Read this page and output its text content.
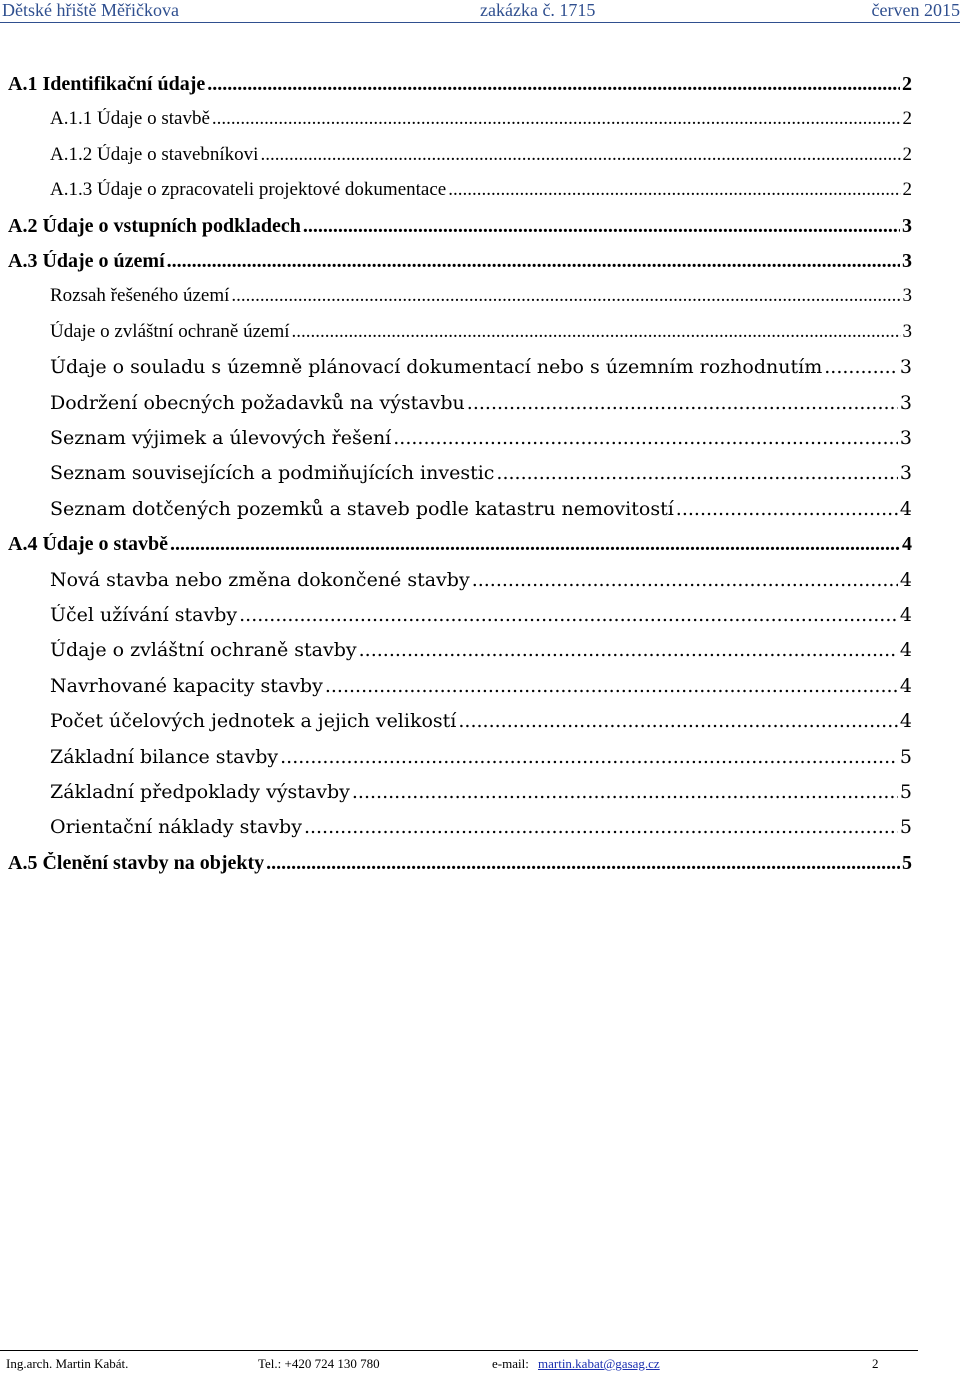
Dětské hřiště Měřičkova	zakázka č. 1715	červen 2015
A.1 Identifikační údaje .....	2
A.1.1 Údaje o stavbě .....	2
A.1.2 Údaje o stavebníkovi .....	2
A.1.3 Údaje o zpracovateli projektové dokumentace .....	2
A.2 Údaje o vstupních podkladech .....	3
A.3 Údaje o území .....	3
Rozsah řešeného území .....	3
Údaje o zvláštní ochraně území .....	3
Údaje o souladu s územně plánovací dokumentací nebo s územním rozhodnutím .....	3
Dodržení obecných požadavků na výstavbu .....	3
Seznam výjimek a úlevových řešení .....	3
Seznam souvisejících a podmiňujících investic .....	3
Seznam dotčených pozemků a staveb podle katastru nemovitostí .....	4
A.4 Údaje o stavbě .....	4
Nová stavba nebo změna dokončené stavby .....	4
Účel užívání stavby .....	4
Údaje o zvláštní ochraně stavby .....	4
Navrhované kapacity stavby .....	4
Počet účelových jednotek a jejich velikostí .....	4
Základní bilance stavby .....	5
Základní předpoklady výstavby .....	5
Orientační náklady stavby .....	5
A.5 Členění stavby na objekty .....	5
Ing.arch. Martin Kabát.	Tel.: +420 724 130 780	e-mail: martin.kabat@gasag.cz	2
